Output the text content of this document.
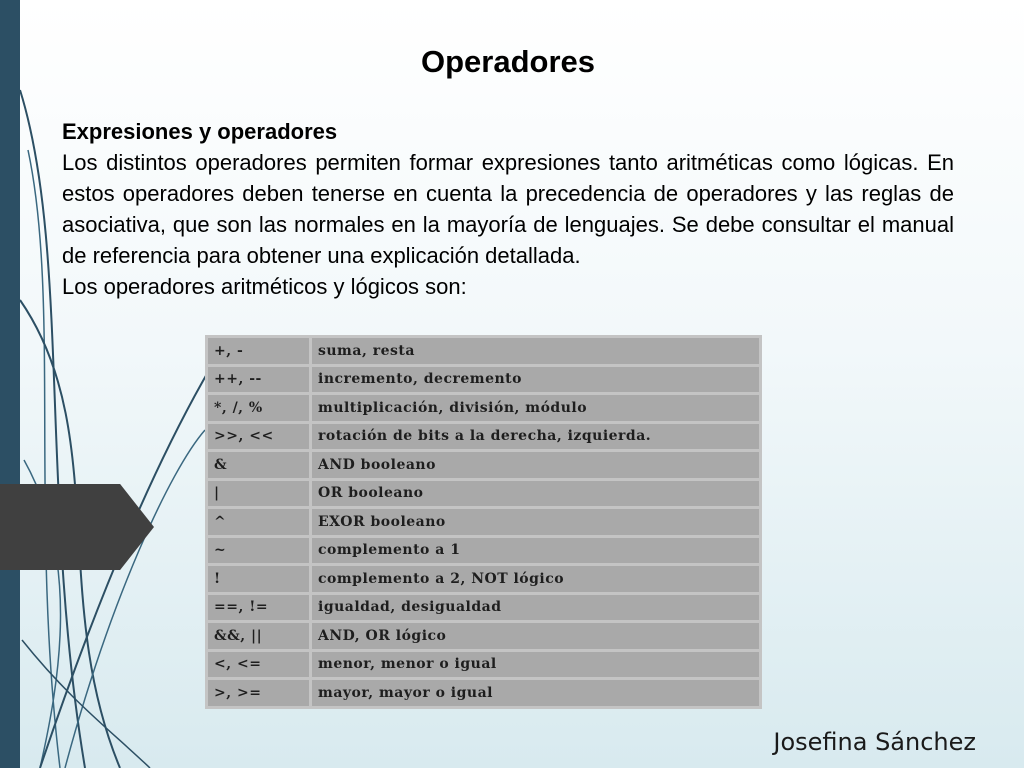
Operadores

Expresiones y operadores

Los distintos operadores permiten formar expresiones tanto aritméticas como lógicas. En estos operadores deben tenerse en cuenta la precedencia de operadores y las reglas de asociativa, que son las normales en la mayoría de lenguajes. Se debe consultar el manual de referencia para obtener una explicación detallada.

Los operadores aritméticos y lógicos son:

+, -	suma, resta
++, --	incremento, decremento
*, /, %	multiplicación, división, módulo
>>, <<	rotación de bits a la derecha, izquierda.
&	AND booleano
|	OR booleano
^	EXOR booleano
~	complemento a 1
!	complemento a 2, NOT lógico
==, !=	igualdad, desigualdad
&&, ||	AND, OR lógico
<, <=	menor, menor o igual
>, >=	mayor, mayor o igual
Josefina Sánchez
